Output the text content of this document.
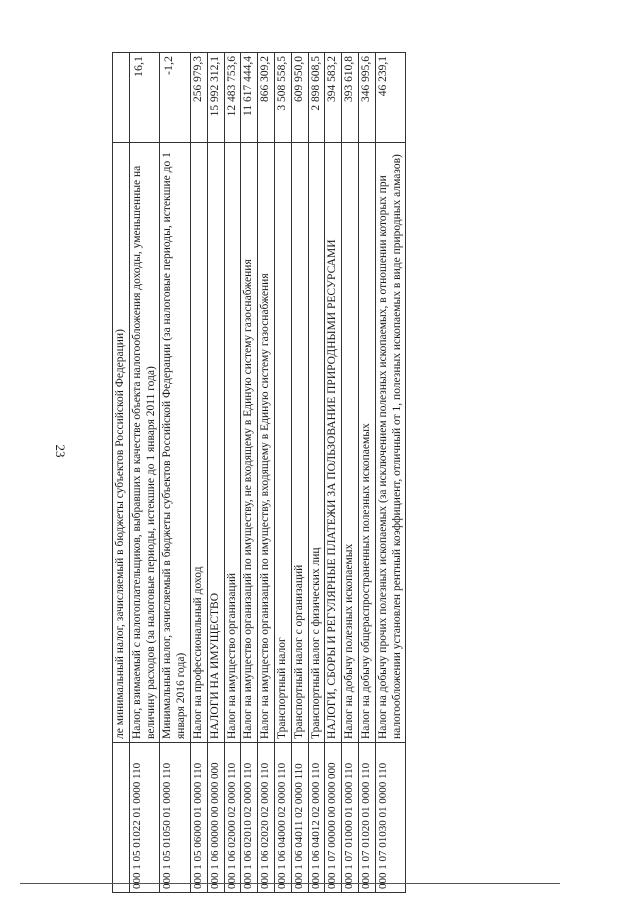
23
		ле минимальный налог, зачисляемый в бюджеты субъектов Российской Федерации)	
000 1 05 01022 01 0000 110	Налог, взимаемый с налогоплательщиков, выбравших в качестве объекта налогообложения доходы, уменьшенные на величину расходов (за налоговые периоды, истекшие до 1 января 2011 года)	16,1
000 1 05 01050 01 0000 110	Минимальный налог, зачисляемый в бюджеты субъектов Российской Федерации (за налоговые периоды, истекшие до 1 января 2016 года)	-1,2
000 1 05 06000 01 0000 110	Налог на профессиональный доход	256 979,3
000 1 06 00000 00 0000 000	НАЛОГИ НА ИМУЩЕСТВО	15 992 312,1
000 1 06 02000 02 0000 110	Налог на имущество организаций	12 483 753,6
000 1 06 02010 02 0000 110	Налог на имущество организаций по имуществу, не входящему в Единую систему газоснабжения	11 617 444,4
000 1 06 02020 02 0000 110	Налог на имущество организаций по имуществу, входящему в Единую систему газоснабжения	866 309,2
000 1 06 04000 02 0000 110	Транспортный налог	3 508 558,5
000 1 06 04011 02 0000 110	Транспортный налог с организаций	609 950,0
000 1 06 04012 02 0000 110	Транспортный налог с физических лиц	2 898 608,5
000 1 07 00000 00 0000 000	НАЛОГИ, СБОРЫ И РЕГУЛЯРНЫЕ ПЛАТЕЖИ ЗА ПОЛЬЗОВАНИЕ ПРИРОДНЫМИ РЕСУРСАМИ	394 583,2
000 1 07 01000 01 0000 110	Налог на добычу полезных ископаемых	393 610,8
000 1 07 01020 01 0000 110	Налог на добычу общераспространенных полезных ископаемых	346 995,6
000 1 07 01030 01 0000 110	Налог на добычу прочих полезных ископаемых (за исключением полезных ископаемых, в отношении которых при налогообложении установлен рентный коэффициент, отличный от 1, полезных ископаемых в виде природных алмазов)	46 239,1
